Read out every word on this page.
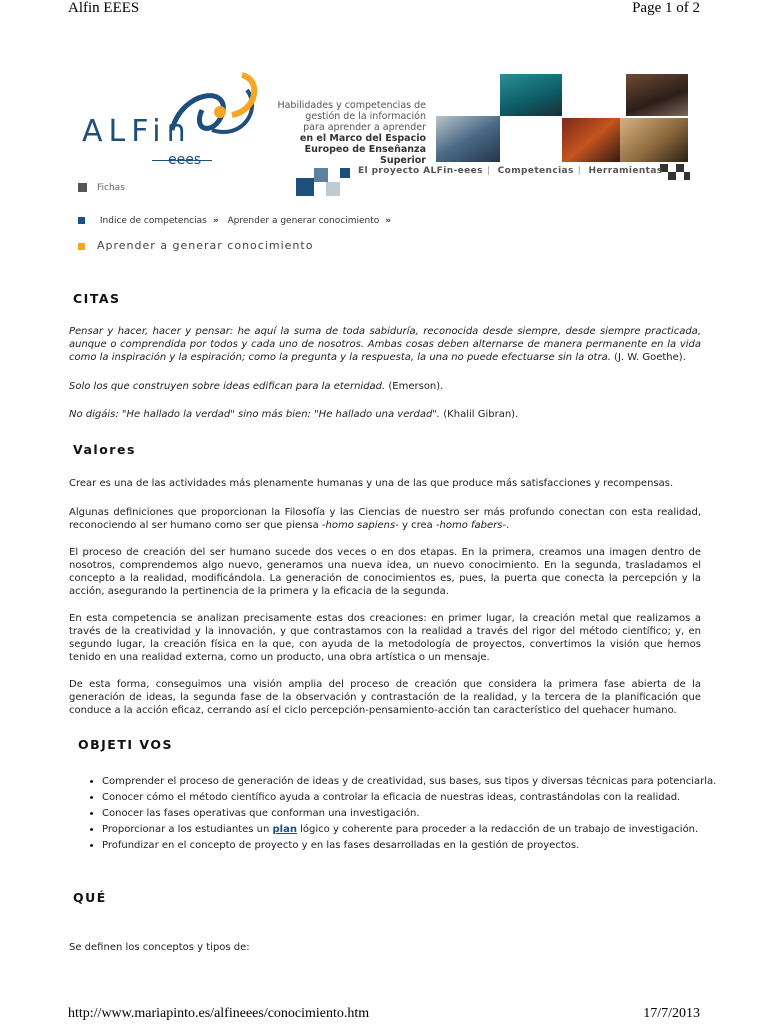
Alfin EEES	Page 1 of 2
ALFin
eees
Habilidades y competencias de
gestión de la información
para aprender a aprender
en el Marco del Espacio
Europeo de Enseñanza Superior
El proyecto ALFin-eees | Competencias | Herramientas
Fichas
Indice de competencias » Aprender a generar conocimiento »
Aprender a generar conocimiento
CITAS

Pensar y hacer, hacer y pensar: he aquí la suma de toda sabiduría, reconocida desde siempre, desde siempre practicada, aunque o comprendida por todos y cada uno de nosotros. Ambas cosas deben alternarse de manera permanente en la vida como la inspiración y la espiración; como la pregunta y la respuesta, la una no puede efectuarse sin la otra. (J. W. Goethe).

Solo los que construyen sobre ideas edifican para la eternidad. (Emerson).

No digáis: "He hallado la verdad" sino más bien: "He hallado una verdad". (Khalil Gibran).

Valores

Crear es una de las actividades más plenamente humanas y una de las que produce más satisfacciones y recompensas.

Algunas definiciones que proporcionan la Filosofía y las Ciencias de nuestro ser más profundo conectan con esta realidad, reconociendo al ser humano como ser que piensa -homo sapiens- y crea -homo fabers-.

El proceso de creación del ser humano sucede dos veces o en dos etapas. En la primera, creamos una imagen dentro de nosotros, comprendemos algo nuevo, generamos una nueva idea, un nuevo conocimiento. En la segunda, trasladamos el concepto a la realidad, modificándola. La generación de conocimientos es, pues, la puerta que conecta la percepción y la acción, asegurando la pertinencia de la primera y la eficacia de la segunda.

En esta competencia se analizan precisamente estas dos creaciones: en primer lugar, la creación metal que realizamos a través de la creatividad y la innovación, y que contrastamos con la realidad a través del rigor del método científico; y, en segundo lugar, la creación física en la que, con ayuda de la metodología de proyectos, convertimos la visión que hemos tenido en una realidad externa, como un producto, una obra artística o un mensaje.

De esta forma, conseguimos una visión amplia del proceso de creación que considera la primera fase abierta de la generación de ideas, la segunda fase de la observación y contrastación de la realidad, y la tercera de la planificación que conduce a la acción eficaz, cerrando así el ciclo percepción-pensamiento-acción tan característico del quehacer humano.

OBJETI VOS
• Comprender el proceso de generación de ideas y de creatividad, sus bases, sus tipos y diversas técnicas para potenciarla.
• Conocer cómo el método científico ayuda a controlar la eficacia de nuestras ideas, contrastándolas con la realidad.
• Conocer las fases operativas que conforman una investigación.
• Proporcionar a los estudiantes un plan lógico y coherente para proceder a la redacción de un trabajo de investigación.
• Profundizar en el concepto de proyecto y en las fases desarrolladas en la gestión de proyectos.
QUÉ

Se definen los conceptos y tipos de:

http://www.mariapinto.es/alfineees/conocimiento.htm	17/7/2013
